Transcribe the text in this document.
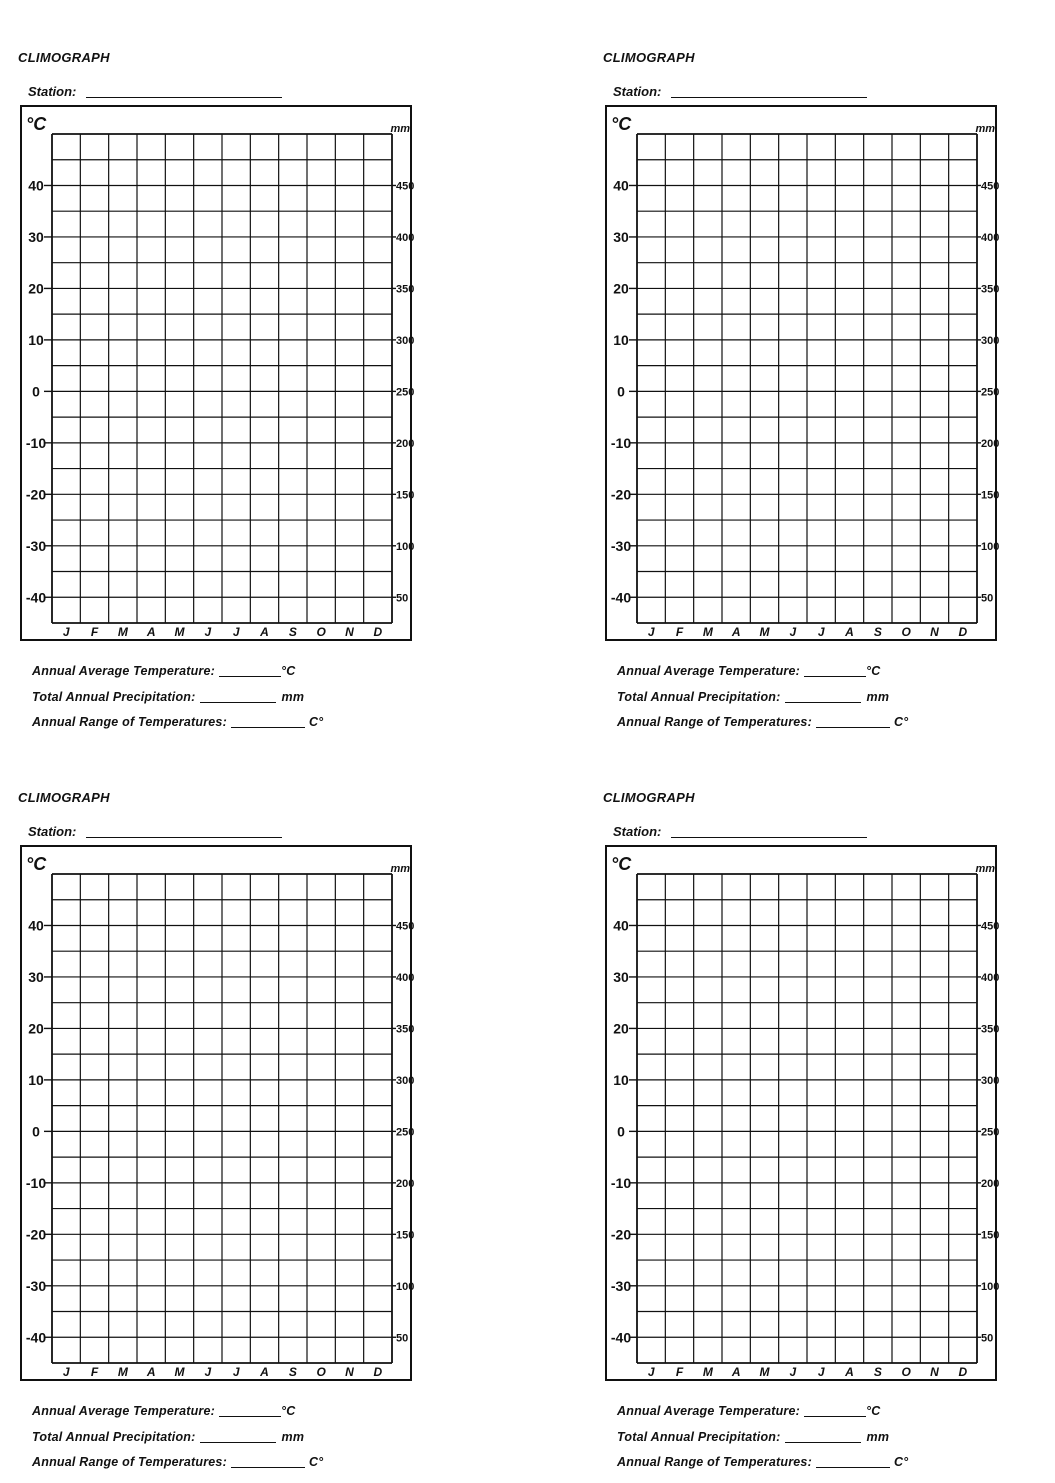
CLIMOGRAPH
Station:
°C	mm
40
30
20
10
0
-10
-20
-30
-40
450
400
350
300
250
200
150
100
50
J F M A M J J A S O N D
Annual Average Temperature:	°C
Total Annual Precipitation:	mm
Annual Range of Temperatures:	C°
CLIMOGRAPH
Station:
°C	mm
40
30
20
10
0
-10
-20
-30
-40
450
400
350
300
250
200
150
100
50
J F M A M J J A S O N D
Annual Average Temperature:	°C
Total Annual Precipitation:	mm
Annual Range of Temperatures:	C°
CLIMOGRAPH
Station:
°C	mm
40
30
20
10
0
-10
-20
-30
-40
450
400
350
300
250
200
150
100
50
J F M A M J J A S O N D
Annual Average Temperature:	°C
Total Annual Precipitation:	mm
Annual Range of Temperatures:	C°
CLIMOGRAPH
Station:
°C	mm
40
30
20
10
0
-10
-20
-30
-40
450
400
350
300
250
200
150
100
50
J F M A M J J A S O N D
Annual Average Temperature:	°C
Total Annual Precipitation:	mm
Annual Range of Temperatures:	C°
